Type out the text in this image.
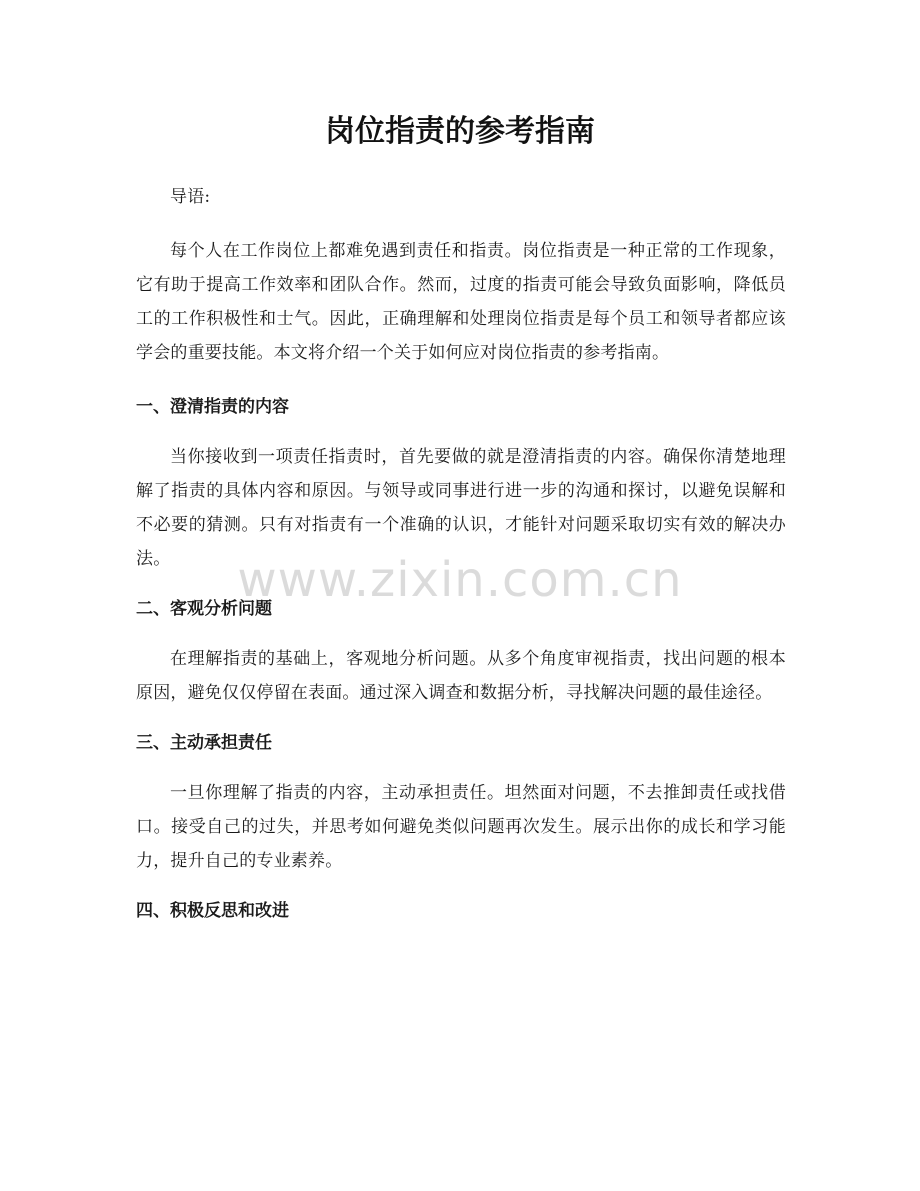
岗位指责的参考指南

导语:

每个人在工作岗位上都难免遇到责任和指责。岗位指责是一种正常的工作现象，它有助于提高工作效率和团队合作。然而，过度的指责可能会导致负面影响，降低员工的工作积极性和士气。因此，正确理解和处理岗位指责是每个员工和领导者都应该学会的重要技能。本文将介绍一个关于如何应对岗位指责的参考指南。

一、澄清指责的内容

当你接收到一项责任指责时，首先要做的就是澄清指责的内容。确保你清楚地理解了指责的具体内容和原因。与领导或同事进行进一步的沟通和探讨，以避免误解和不必要的猜测。只有对指责有一个准确的认识，才能针对问题采取切实有效的解决办法。

二、客观分析问题

在理解指责的基础上，客观地分析问题。从多个角度审视指责，找出问题的根本原因，避免仅仅停留在表面。通过深入调查和数据分析，寻找解决问题的最佳途径。

三、主动承担责任

一旦你理解了指责的内容，主动承担责任。坦然面对问题，不去推卸责任或找借口。接受自己的过失，并思考如何避免类似问题再次发生。展示出你的成长和学习能力，提升自己的专业素养。

四、积极反思和改进
www.zixin.com.cn
